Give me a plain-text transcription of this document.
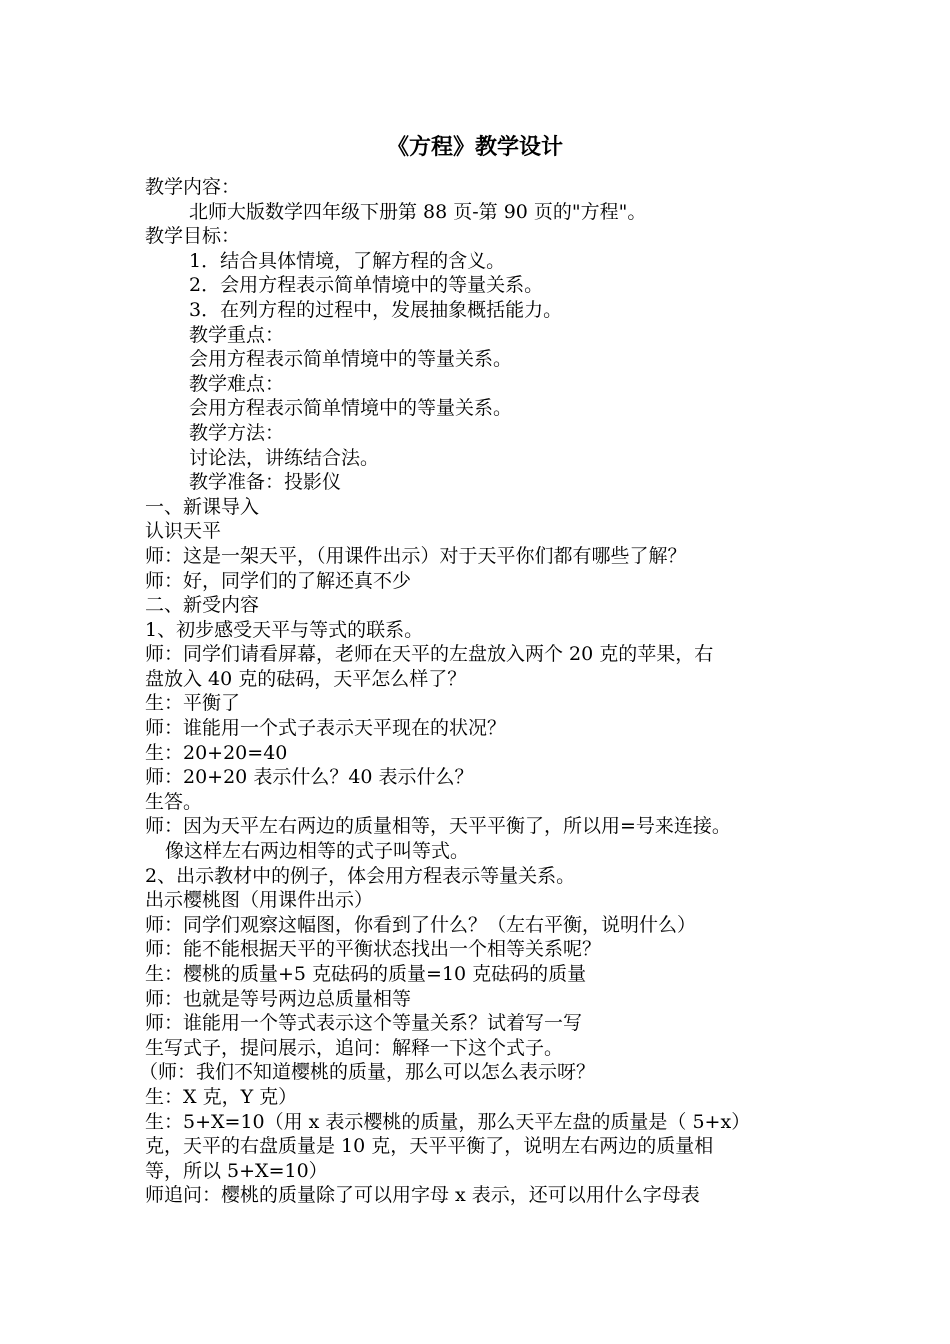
《方程》教学设计

教学内容：

北师大版数学四年级下册第 88 页-第 90 页的"方程"。

教学目标：

1．结合具体情境，了解方程的含义。

2．会用方程表示简单情境中的等量关系。

3．在列方程的过程中，发展抽象概括能力。

教学重点：

会用方程表示简单情境中的等量关系。

教学难点：

会用方程表示简单情境中的等量关系。

教学方法：

讨论法，讲练结合法。

教学准备：投影仪

一、新课导入

认识天平

师：这是一架天平，（用课件出示）对于天平你们都有哪些了解？

师：好，同学们的了解还真不少

二、新受内容

1、初步感受天平与等式的联系。

师：同学们请看屏幕，老师在天平的左盘放入两个 20 克的苹果，右

盘放入 40 克的砝码，天平怎么样了？

生：平衡了

师：谁能用一个式子表示天平现在的状况？

生：20+20=40

师：20+20 表示什么？40 表示什么？

生答。

师：因为天平左右两边的质量相等，天平平衡了，所以用=号来连接。

像这样左右两边相等的式子叫等式。

2、出示教材中的例子，体会用方程表示等量关系。

出示樱桃图（用课件出示）

师：同学们观察这幅图，你看到了什么？（左右平衡，说明什么）

师：能不能根据天平的平衡状态找出一个相等关系呢？

生：樱桃的质量+5 克砝码的质量=10 克砝码的质量

师：也就是等号两边总质量相等

师：谁能用一个等式表示这个等量关系？试着写一写

生写式子，提问展示，追问：解释一下这个式子。

（师：我们不知道樱桃的质量，那么可以怎么表示呀？

生：X 克，Y 克）

生：5+X=10（用 x 表示樱桃的质量，那么天平左盘的质量是（ 5+x）

克，天平的右盘质量是 10 克，天平平衡了，说明左右两边的质量相

等，所以 5+X=10）

师追问：樱桃的质量除了可以用字母 x 表示，还可以用什么字母表
